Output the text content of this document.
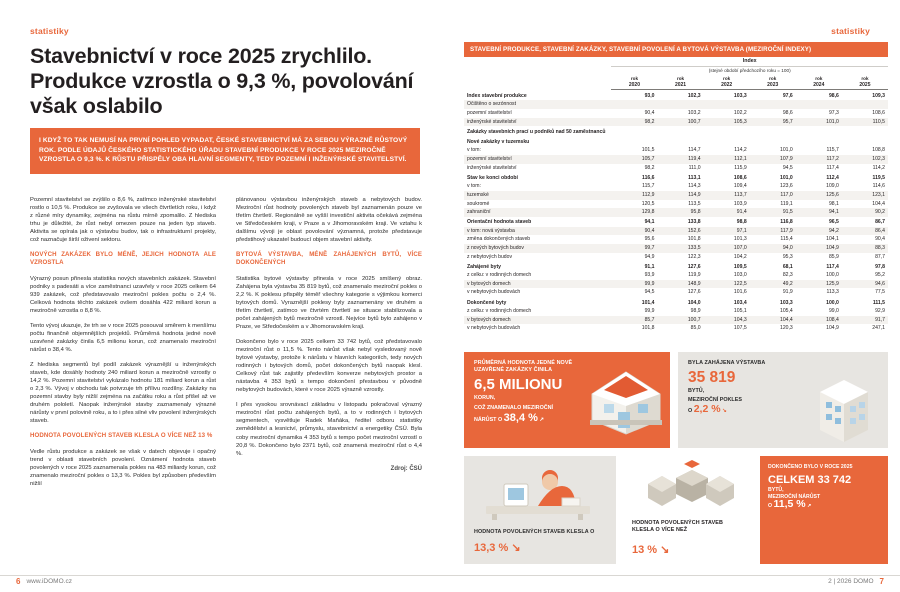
statistiky
Stavebnictví v roce 2025 zrychlilo. Produkce vzrostla o 9,3 %, povolování však oslabilo
I KDYŽ TO TAK NEMUSÍ NA PRVNÍ POHLED VYPADAT, ČESKÉ STAVEBNICTVÍ MÁ ZA SEBOU VÝRAZNĚ RŮSTOVÝ ROK. PODLE ÚDAJŮ ČESKÉHO STATISTICKÉHO ÚŘADU STAVEBNÍ PRODUKCE V ROCE 2025 MEZIROČNĚ VZROSTLA O 9,3 %. K RŮSTU PŘISPĚLY OBA HLAVNÍ SEGMENTY, TEDY POZEMNÍ I INŽENÝRSKÉ STAVITELSTVÍ.

Pozemní stavitelství se zvýšilo o 8,6 %, zatímco inženýrské stavitelství rostlo o 10,5 %. Produkce se zvyšovala ve všech čtvrtletích roku, i když z různé míry dynamiky, zejména na růstu mírně zpomalilo. Z hlediska trhu je důležité, že růst nebyl omezen pouze na jeden typ staveb. Aktivita se opírala jak o výstavbu budov, tak o infrastrukturní projekty, což naznačuje širší oživení sektoru.

NOVÝCH ZAKÁZEK BYLO MÉNĚ, JEJICH HODNOTA ALE VZROSTLA

Výrazný posun přinesla statistika nových stavebních zakázek. Stavební podniky s padesáti a více zaměstnanci uzavřely v roce 2025 celkem 64 939 zakázek, což představovalo meziroční pokles počtu o 2,4 %. Celková hodnota těchto zakázek ovšem dosáhla 422 miliard korun a meziročně vzrostla o 8,8 %.

Tento vývoj ukazuje, že trh se v roce 2025 posouval směrem k menšímu počtu finančně objemnějších projektů. Průměrná hodnota jedné nově uzavřené zakázky činila 6,5 milionu korun, což znamenalo meziroční nárůst o 38,4 %.

Z hlediska segmentů byl podíl zakázek výraznější u inženýrských staveb, kde dosáhly hodnoty 240 miliard korun a meziročně vzrostly o 14,2 %. Pozemní stavitelství vykázalo hodnotu 181 miliard korun a růst o 2,3 %. Vývoj v obchodu tak potvrzuje trh přílivu rozdílny. Zakázky na pozemní stavby byly nižší zejména na začátku roku a růst přišel až ve druhém pololetí. Naopak inženýrské stavby zaznamenaly výrazné nárůsty v první polovině roku, a to i přes silné vliv povolení inženýrských staveb.

HODNOTA POVOLENÝCH STAVEB KLESLA O VÍCE NEŽ 13 %

Vedle růstu produkce a zakázek se však v datech objevuje i opačný trend v oblasti stavebních povolení. Oznámení hodnota staveb povolených v roce 2025 zaznamenala pokles na 483 miliardy korun, což znamenalo meziroční pokles o 13,3 %. Pokles byl způsoben především nižší

plánovanou výstavbou inženýrských staveb a nebytových budov. Meziroční růst hodnoty povolených staveb byl zaznamenán pouze ve třetím čtvrtletí. Regionálně se vyšší investiční aktivita očekává zejména ve Středočeském kraji, v Praze a v Jihomoravském kraji. Ve vztahu k dalšímu vývoji je oblast povolování významná, protože představuje předstihový ukazatel budoucí objem stavební aktivity.

BYTOVÁ VÝSTAVBA, MÉNĚ ZAHÁJENÝCH BYTŮ, VÍCE DOKONČENÝCH

Statistika bytové výstavby přinesla v roce 2025 smíšený obraz. Zahájena byla výstavba 35 819 bytů, což znamenalo meziroční pokles o 2,2 %. K poklesu přispěly téměř všechny kategorie s výjimkou komerci bytových domů. Vyraznější poklesy byly zaznamenány ve druhém a třetím čtvrtletí, zatímco ve čtvrtém čtvrtletí se situace stabilizovala a počet zahájených bytů meziročně vzrostl. Nejvíce bytů bylo zahájeno v Praze, ve Středočeském a v Jihomoravském kraji.

Dokončeno bylo v roce 2025 celkem 33 742 bytů, což představovalo meziroční růst o 11,5 %. Tento nárůst však nebyl vysledovaný nově bytové výstavby, protože k nárůstu v hlavních kategoriích, tedy nových rodinných i bytových domů, počet dokončených bytů naopak klesl. Celkový růst tak zajistily především konverze nebytových prostor a nástavba 4 353 bytů s tempo dokončení přestavbou v původně nebytových budovách, které v roce 2025 výrazně vzrostly.

I přes vysokou srovnávací základnu v listopadu pokračoval výrazný meziroční růst počtu zahájených bytů, a to v rodinných i bytových segmentech, vysvětluje Radek Maňáka, ředitel odboru statistiky zemědělství a lesnictví, průmyslu, stavebnictví a energetiky ČSÚ. Byla coby meziroční dynamika 4 353 bytů s tempo počet meziroční vzrostl o 20,8 %. Dokončeno bylo 2371 bytů, což znamená meziroční růst o 4,4 %.

Zdroj: ČSÚ
6 www.iDOMO.cz
statistiky
STAVEBNÍ PRODUKCE, STAVEBNÍ ZAKÁZKY, STAVEBNÍ POVOLENÍ A BYTOVÁ VÝSTAVBA (MEZIROČNÍ INDEXY)
	Index					
	(stejné období předchozího roku = 100)					
	rok
2020	rok
2021	rok
2022	rok
2023	rok
2024	rok
2025
Index stavební produkce	93,0	102,3	103,3	97,6	98,6	109,3
Očištěno o sezónnost						
pozemní stavitelství	90,4	103,2	102,2	98,6	97,3	108,6
inženýrské stavitelství	98,2	100,7	105,3	95,7	101,0	110,5
Zakázky stavebních prací u podniků nad 50 zaměstnanců						
Nové zakázky v tuzemsku						
v tom:	101,5	114,7	114,2	101,0	115,7	108,8
pozemní stavitelství	105,7	119,4	112,1	107,9	117,2	102,3
inženýrské stavitelství	98,2	111,0	115,9	94,5	117,4	114,2
Stav ke konci období	116,6	113,1	108,6	101,0	112,4	119,5
v tom:	115,7	114,3	109,4	123,6	109,0	114,6
tuzemské	112,9	114,9	113,7	117,0	125,6	123,1
soukromé	120,5	113,5	103,9	119,1	98,1	104,4
zahraniční	129,8	95,8	91,4	91,5	94,1	90,2
Orientační hodnota staveb	94,1	133,8	98,8	116,8	96,5	86,7
v tom: nová výstavba	90,4	152,6	97,1	117,9	94,2	86,4
změna dokončených staveb	95,6	101,8	101,3	115,4	104,1	90,4
z nových bytových budov	99,7	133,5	107,0	94,0	104,9	88,3
z nebytových budov	94,9	122,3	104,2	95,3	85,9	87,7
Zahájené byty	91,1	127,6	109,5	68,1	117,4	97,8
z celku: v rodinných domech	93,9	119,9	103,0	82,3	100,0	95,2
v bytových domech	99,9	148,9	122,5	49,2	125,9	94,6
v nebytových budovách	94,5	127,6	101,6	91,9	113,3	77,5
Dokončené byty	101,4	104,0	103,4	103,3	100,0	111,5
z celku: v rodinných domech	99,9	98,9	105,1	105,4	99,0	92,9
v bytových domech	85,7	100,7	104,3	104,4	108,4	91,7
v nebytových budovách	101,8	85,0	107,5	120,3	104,9	247,1
PRŮMĚRNÁ HODNOTA JEDNÉ NOVĚ UZAVŘENÉ ZAKÁZKY ČINILA
6,5 MILIONU
KORUN,
COŽ ZNAMENALO MEZIROČNÍ
NÁRŮST O 38,4 % ↗
BYLA ZAHÁJENA VÝSTAVBA
35 819
BYTŮ,
MEZIROČNÍ POKLES
O 2,2 % ↘
HODNOTA POVOLENÝCH STAVEB KLESLA O
13,3 % ↘
HODNOTA POVOLENÝCH STAVEB KLESLA O VÍCE NEŽ
13 % ↘
DOKONČENO BYLO V ROCE 2025
CELKEM 33 742
BYTŮ,
MEZIROČNÍ NÁRŮST
O 11,5 % ↗
2 | 2026 DOMO 7
